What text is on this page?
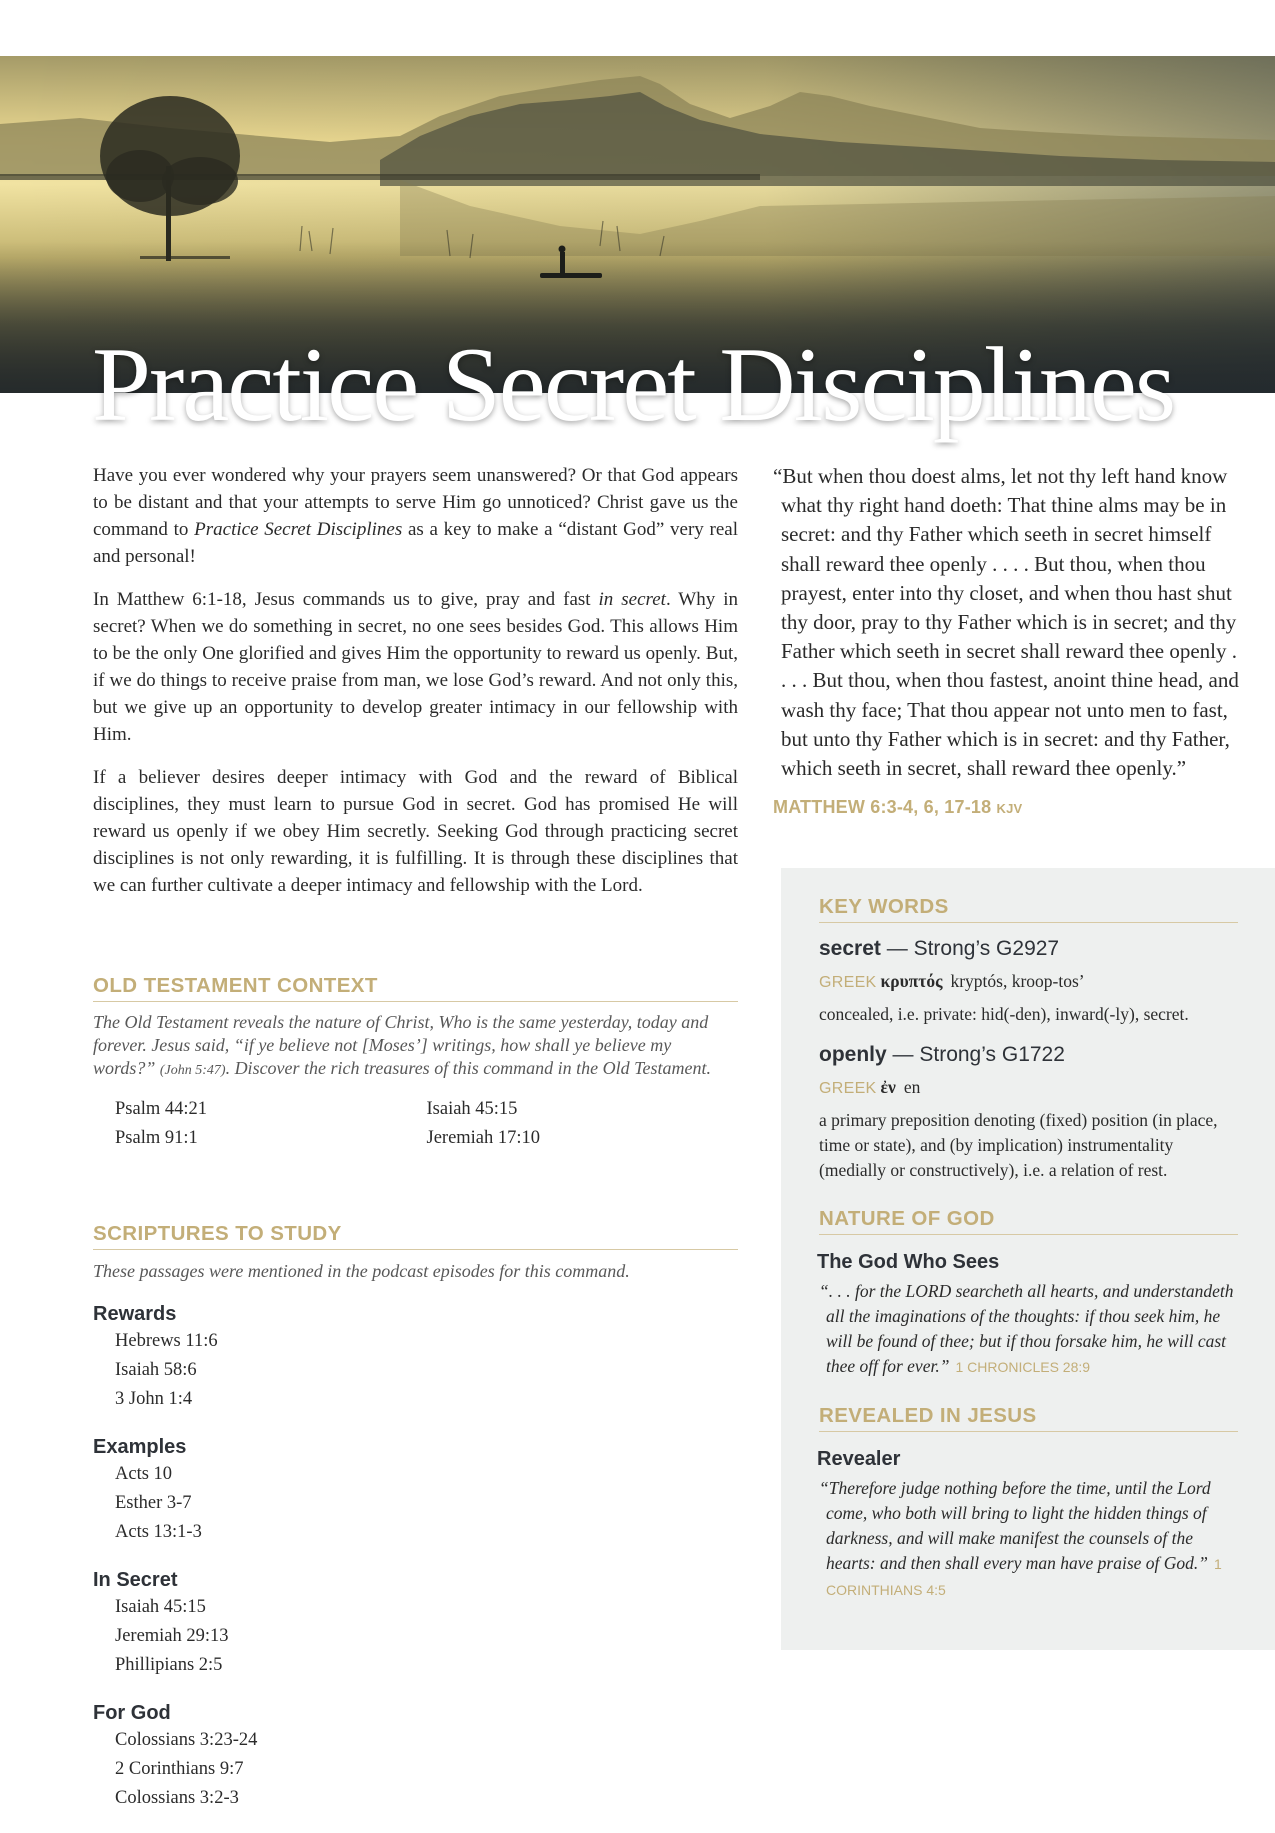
Practice Secret Disciplines

Have you ever wondered why your prayers seem unanswered? Or that God appears to be distant and that your attempts to serve Him go unnoticed? Christ gave us the command to Practice Secret Disciplines as a key to make a “distant God” very real and personal!

In Matthew 6:1-18, Jesus commands us to give, pray and fast in secret. Why in secret? When we do something in secret, no one sees besides God. This allows Him to be the only One glorified and gives Him the opportunity to reward us openly. But, if we do things to receive praise from man, we lose God’s reward. And not only this, but we give up an opportunity to develop greater intimacy in our fellowship with Him.

If a believer desires deeper intimacy with God and the reward of Biblical disciplines, they must learn to pursue God in secret. God has promised He will reward us openly if we obey Him secretly. Seeking God through practicing secret disciplines is not only rewarding, it is fulfilling. It is through these disciplines that we can further cultivate a deeper intimacy and fellowship with the Lord.

OLD TESTAMENT CONTEXT
The Old Testament reveals the nature of Christ, Who is the same yesterday, today and forever. Jesus said, “if ye believe not [Moses’] writings, how shall ye believe my words?” (John 5:47). Discover the rich treasures of this command in the Old Testament.
Psalm 44:21
Psalm 91:1
Isaiah 45:15
Jeremiah 17:10
SCRIPTURES TO STUDY
These passages were mentioned in the podcast episodes for this command.
Rewards
Hebrews 11:6
Isaiah 58:6
3 John 1:4
Examples
Acts 10
Esther 3-7
Acts 13:1-3
In Secret
Isaiah 45:15
Jeremiah 29:13
Phillipians 2:5
For God
Colossians 3:23-24
2 Corinthians 9:7
Colossians 3:2-3
“But when thou doest alms, let not thy left hand know what thy right hand doeth: That thine alms may be in secret: and thy Father which seeth in secret himself shall reward thee openly . . . . But thou, when thou prayest, enter into thy closet, and when thou hast shut thy door, pray to thy Father which is in secret; and thy Father which seeth in secret shall reward thee openly . . . . But thou, when thou fastest, anoint thine head, and wash thy face; That thou appear not unto men to fast, but unto thy Father which is in secret: and thy Father, which seeth in secret, shall reward thee openly.”
MATTHEW 6:3-4, 6, 17-18 KJV
KEY WORDS
secret — Strong’s G2927
GREEK κρυπτός kryptós, kroop-tos’
concealed, i.e. private: hid(-den), inward(-ly), secret.
openly — Strong’s G1722
GREEK ἐν en
a primary preposition denoting (fixed) position (in place, time or state), and (by implication) instrumentality (medially or constructively), i.e. a relation of rest.
NATURE OF GOD
The God Who Sees
“. . . for the LORD searcheth all hearts, and understandeth all the imaginations of the thoughts: if thou seek him, he will be found of thee; but if thou forsake him, he will cast thee off for ever.” 1 CHRONICLES 28:9
REVEALED IN JESUS
Revealer
“Therefore judge nothing before the time, until the Lord come, who both will bring to light the hidden things of darkness, and will make manifest the counsels of the hearts: and then shall every man have praise of God.” 1 CORINTHIANS 4:5
